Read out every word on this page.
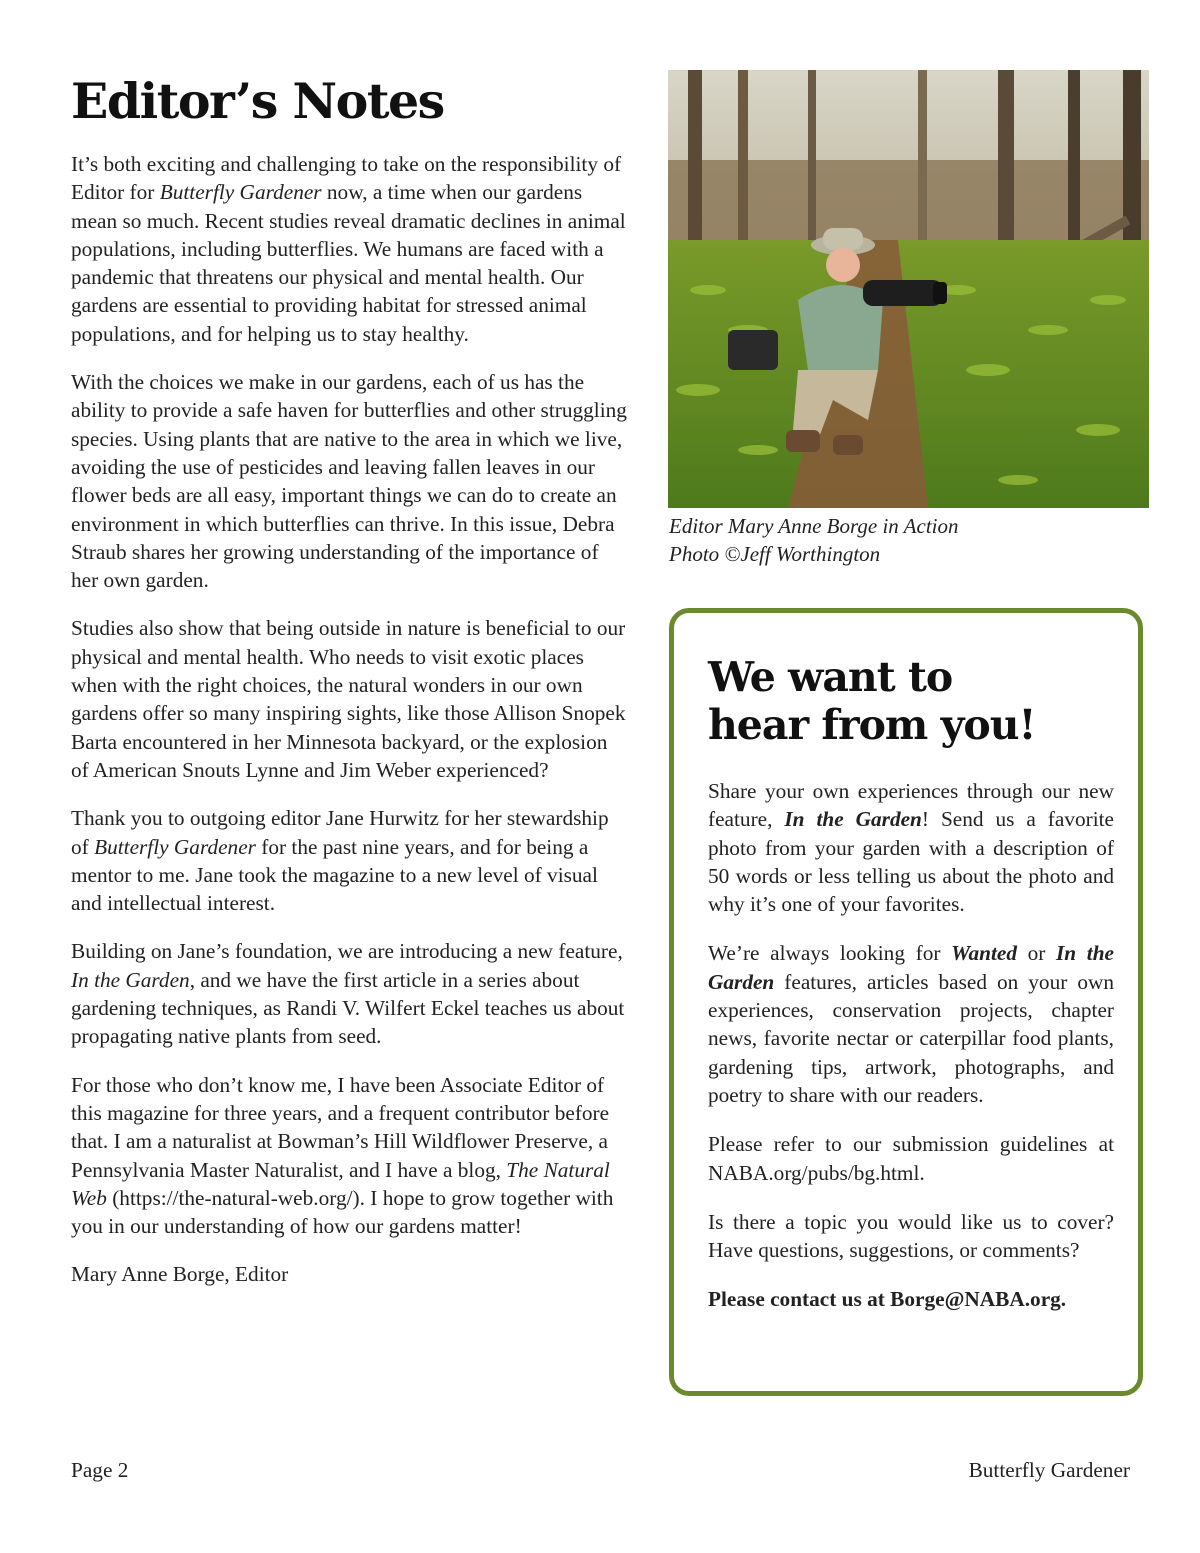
Editor’s Notes

It’s both exciting and challenging to take on the responsibility of Editor for Butterfly Gardener now, a time when our gardens mean so much. Recent studies reveal dramatic declines in animal populations, including butterflies. We humans are faced with a pandemic that threatens our physical and mental health. Our gardens are essential to providing habitat for stressed animal populations, and for helping us to stay healthy.

With the choices we make in our gardens, each of us has the ability to provide a safe haven for butterflies and other struggling species. Using plants that are native to the area in which we live, avoiding the use of pesticides and leaving fallen leaves in our flower beds are all easy, important things we can do to create an environment in which butterflies can thrive. In this issue, Debra Straub shares her growing understanding of the importance of her own garden.

Studies also show that being outside in nature is beneficial to our physical and mental health. Who needs to visit exotic places when with the right choices, the natural wonders in our own gardens offer so many inspiring sights, like those Allison Snopek Barta encountered in her Minnesota backyard, or the explosion of American Snouts Lynne and Jim Weber experienced?

Thank you to outgoing editor Jane Hurwitz for her stewardship of Butterfly Gardener for the past nine years, and for being a mentor to me. Jane took the magazine to a new level of visual and intellectual interest.

Building on Jane’s foundation, we are introducing a new feature, In the Garden, and we have the first article in a series about gardening techniques, as Randi V. Wilfert Eckel teaches us about propagating native plants from seed.

For those who don’t know me, I have been Associate Editor of this magazine for three years, and a frequent contributor before that. I am a naturalist at Bowman’s Hill Wildflower Preserve, a Pennsylvania Master Naturalist, and I have a blog, The Natural Web (https://the-natural-web.org/). I hope to grow together with you in our understanding of how our gardens matter!

Mary Anne Borge, Editor

Editor Mary Anne Borge in Action
Photo ©Jeff Worthington
We want to
hear from you!

Share your own experiences through our new feature, In the Garden! Send us a favorite photo from your garden with a description of 50 words or less telling us about the photo and why it’s one of your favorites.

We’re always looking for Wanted or In the Garden features, articles based on your own experiences, conservation projects, chapter news, favorite nectar or caterpillar food plants, gardening tips, artwork, photographs, and poetry to share with our readers.

Please refer to our submission guidelines at NABA.org/pubs/bg.html.

Is there a topic you would like us to cover? Have questions, suggestions, or comments?

Please contact us at Borge@NABA.org.

Page 2	Butterfly Gardener
